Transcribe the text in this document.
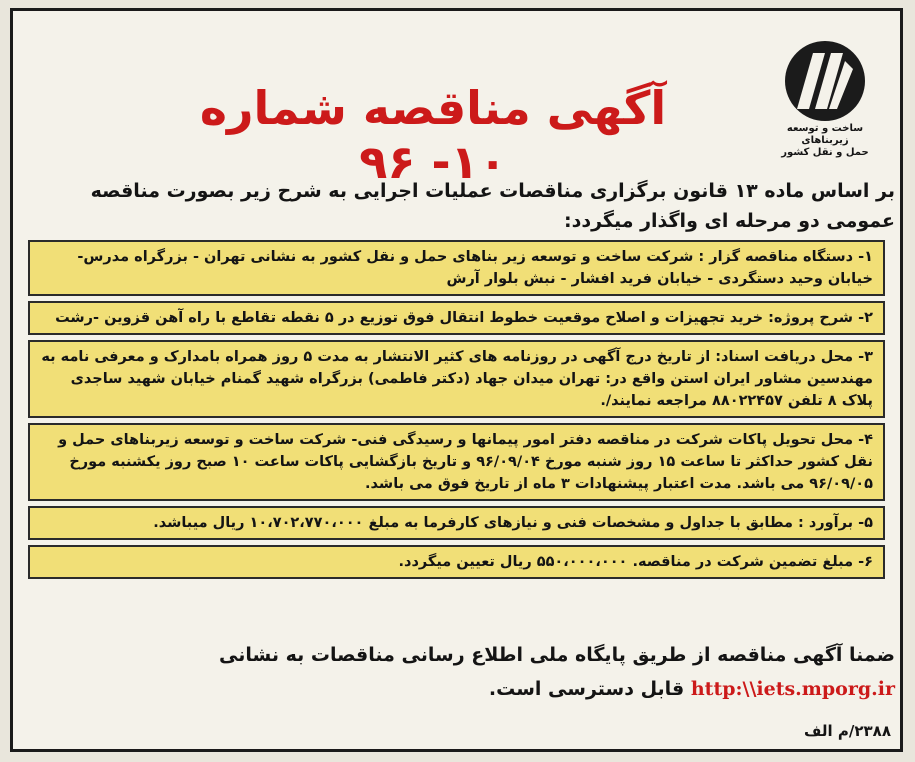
ساخت و توسعه زیربناهای
حمل و نقل کشور
آگهی مناقصه شماره ۱۰- ۹۶
بر اساس ماده ۱۳ قانون برگزاری مناقصات عملیات اجرایی به شرح زیر بصورت مناقصه عمومی دو مرحله ای واگذار میگردد:

۱- دستگاه مناقصه گزار : شرکت ساخت و توسعه زیر بناهای حمل و نقل کشور به نشانی تهران - بزرگراه مدرس- خیابان وحید دستگردی - خیابان فرید افشار - نبش بلوار آرش

۲- شرح پروژه: خرید تجهیزات و اصلاح موقعیت خطوط انتقال فوق توزیع در ۵ نقطه تقاطع با راه آهن قزوین -رشت

۳- محل دریافت اسناد: از تاریخ درج آگهی در روزنامه های کثیر الانتشار به مدت ۵ روز همراه بامدارک و معرفی نامه به مهندسین مشاور ایران استن واقع در: تهران میدان جهاد (دکتر فاطمی) بزرگراه شهید گمنام خیابان شهید ساجدی پلاک ۸ تلفن ۸۸۰۲۲۴۵۷ مراجعه نمایند/.

۴- محل تحویل پاکات شرکت در مناقصه دفتر امور پیمانها و رسیدگی فنی- شرکت ساخت و توسعه زیربناهای حمل و نقل کشور حداکثر تا ساعت ۱۵ روز شنبه مورخ ۹۶/۰۹/۰۴ و تاریخ بازگشایی پاکات ساعت ۱۰ صبح روز یکشنبه مورخ ۹۶/۰۹/۰۵ می باشد. مدت اعتبار پیشنهادات ۳ ماه از تاریخ فوق می باشد.

۵- برآورد : مطابق با جداول و مشخصات فنی و نیازهای کارفرما به مبلغ ۱۰،۷۰۲،۷۷۰،۰۰۰ ریال میباشد.

۶- مبلغ تضمین شرکت در مناقصه. ۵۵۰،۰۰۰،۰۰۰ ریال تعیین میگردد.

ضمنا آگهی مناقصه از طریق پایگاه ملی اطلاع رسانی مناقصات به نشانی http:\\iets.mporg.ir قابل دسترسی است.
۲۳۸۸/م الف
